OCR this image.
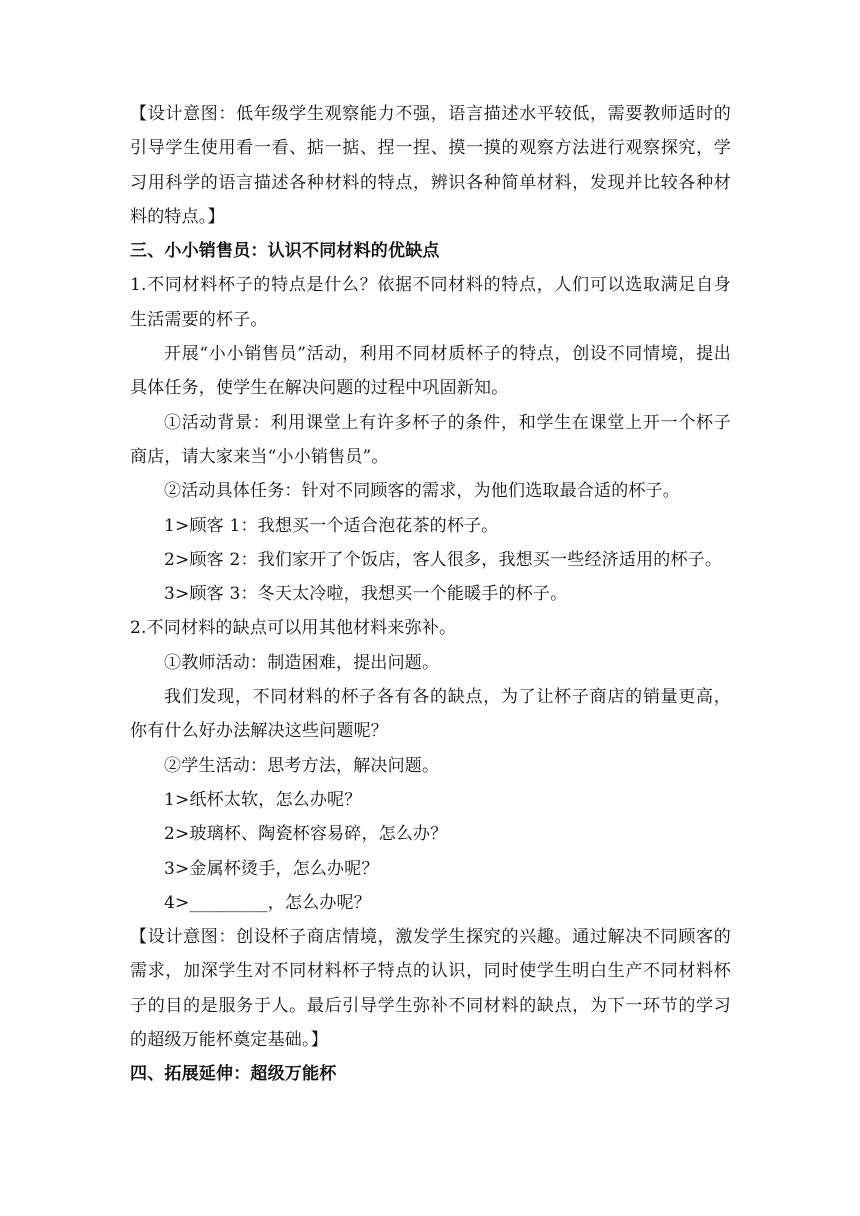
【设计意图：低年级学生观察能力不强，语言描述水平较低，需要教师适时的引导学生使用看一看、掂一掂、捏一捏、摸一摸的观察方法进行观察探究，学习用科学的语言描述各种材料的特点，辨识各种简单材料，发现并比较各种材料的特点。】

三、小小销售员：认识不同材料的优缺点

1.不同材料杯子的特点是什么？依据不同材料的特点，人们可以选取满足自身生活需要的杯子。

开展“小小销售员”活动，利用不同材质杯子的特点，创设不同情境，提出具体任务，使学生在解决问题的过程中巩固新知。

①活动背景：利用课堂上有许多杯子的条件，和学生在课堂上开一个杯子商店，请大家来当“小小销售员”。

②活动具体任务：针对不同顾客的需求，为他们选取最合适的杯子。

1>顾客 1：我想买一个适合泡花茶的杯子。

2>顾客 2：我们家开了个饭店，客人很多，我想买一些经济适用的杯子。

3>顾客 3：冬天太冷啦，我想买一个能暖手的杯子。

2.不同材料的缺点可以用其他材料来弥补。

①教师活动：制造困难，提出问题。

我们发现，不同材料的杯子各有各的缺点，为了让杯子商店的销量更高，你有什么好办法解决这些问题呢？

②学生活动：思考方法，解决问题。

1>纸杯太软，怎么办呢？

2>玻璃杯、陶瓷杯容易碎，怎么办？

3>金属杯烫手，怎么办呢？

4>_________，怎么办呢？

【设计意图：创设杯子商店情境，激发学生探究的兴趣。通过解决不同顾客的需求，加深学生对不同材料杯子特点的认识，同时使学生明白生产不同材料杯子的目的是服务于人。最后引导学生弥补不同材料的缺点，为下一环节的学习的超级万能杯奠定基础。】

四、拓展延伸：超级万能杯
